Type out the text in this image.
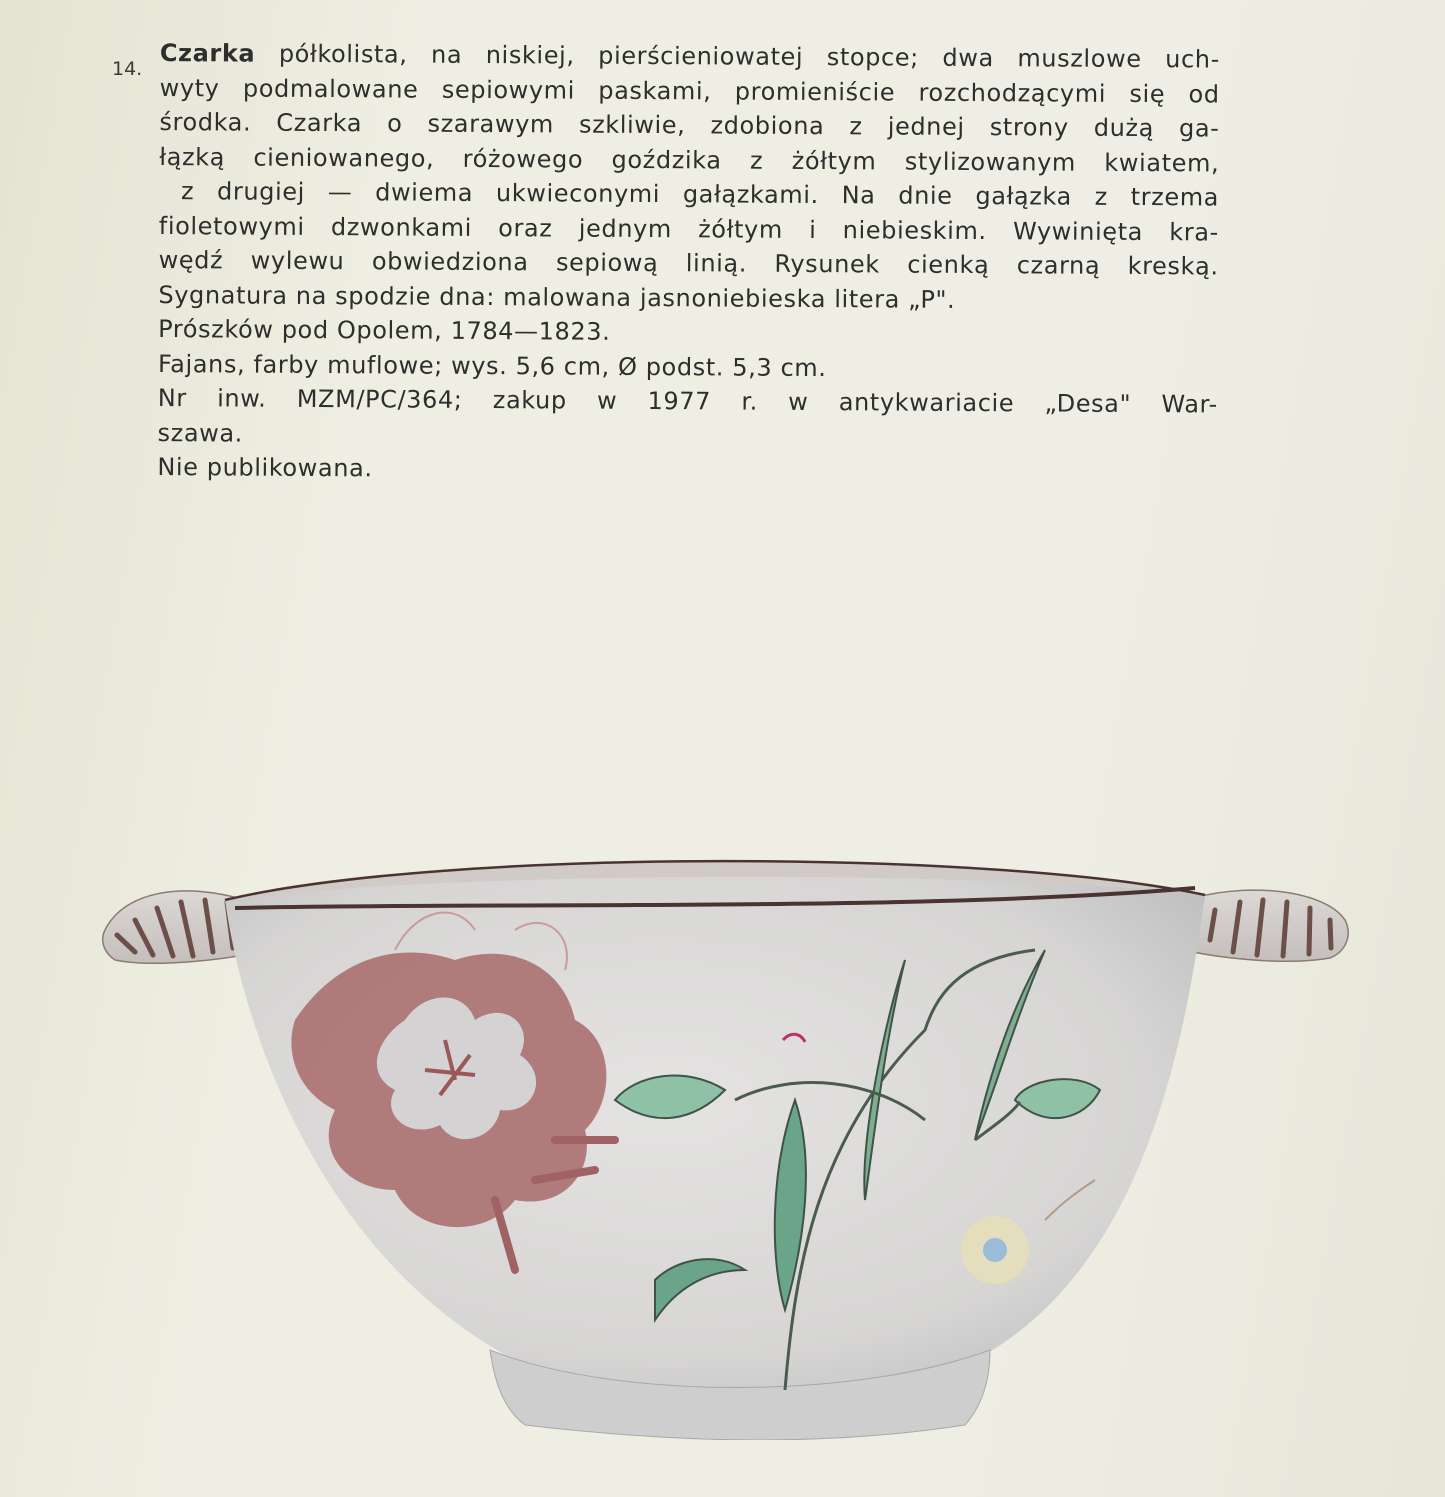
14.
Czarka półkolista, na niskiej, pierścieniowatej stopce; dwa muszlowe uch-
wyty podmalowane sepiowymi paskami, promieniście rozchodzącymi się od
środka. Czarka o szarawym szkliwie, zdobiona z jednej strony dużą ga-
łązką cieniowanego, różowego goździka z żółtym stylizowanym kwiatem,
z drugiej — dwiema ukwieconymi gałązkami. Na dnie gałązka z trzema
fioletowymi dzwonkami oraz jednym żółtym i niebieskim. Wywinięta kra-
wędź wylewu obwiedziona sepiową linią. Rysunek cienką czarną kreską.
Sygnatura na spodzie dna: malowana jasnoniebieska litera „P".
Prószków pod Opolem, 1784—1823.
Fajans, farby muflowe; wys. 5,6 cm, Ø podst. 5,3 cm.
Nr inw. MZM/PC/364; zakup w 1977 r. w antykwariacie „Desa" War-
szawa.
Nie publikowana.
